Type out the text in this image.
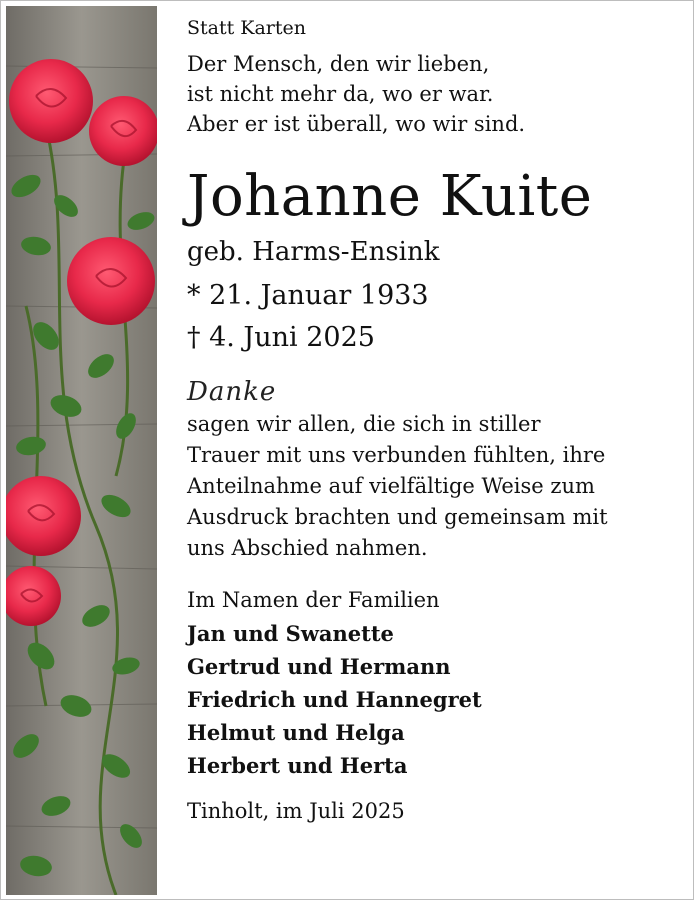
Statt Karten

Der Mensch, den wir lieben,
ist nicht mehr da, wo er war.
Aber er ist überall, wo wir sind.
Johanne Kuite
geb. Harms-Ensink
* 21. Januar 1933
† 4. Juni 2025
Danke
sagen wir allen, die sich in stiller
Trauer mit uns verbunden fühlten, ihre
Anteilnahme auf vielfältige Weise zum
Ausdruck brachten und gemeinsam mit
uns Abschied nahmen.
Im Namen der Familien
Jan und Swanette
Gertrud und Hermann
Friedrich und Hannegret
Helmut und Helga
Herbert und Herta
Tinholt, im Juli 2025
